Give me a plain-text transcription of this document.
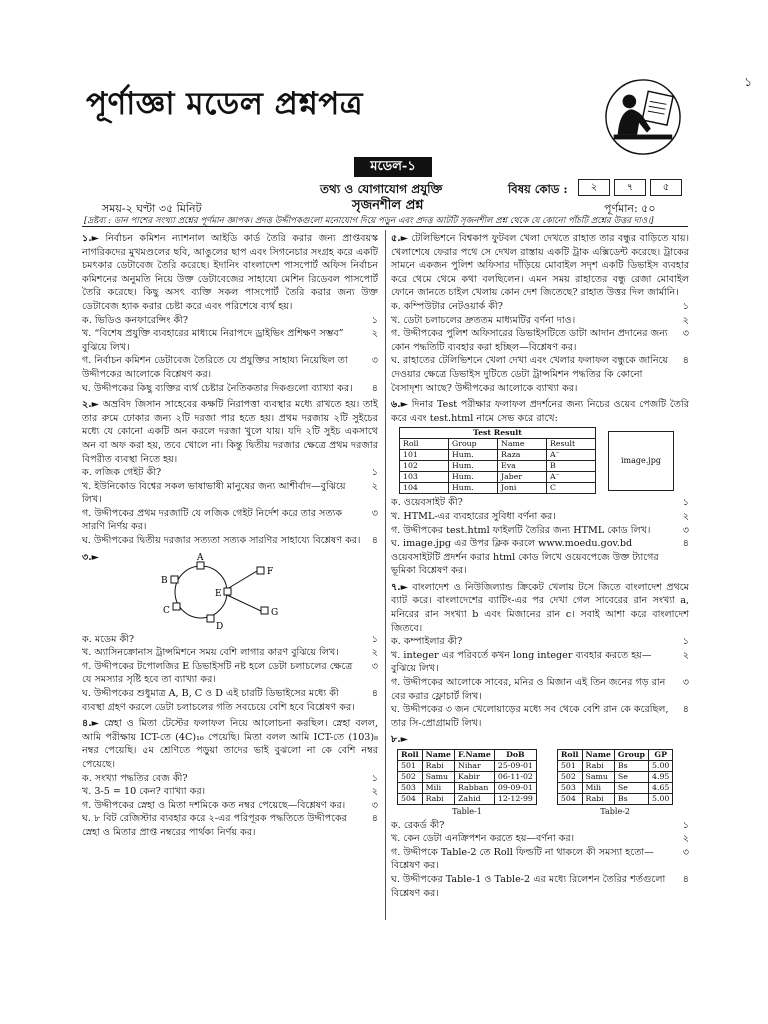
১
পূর্ণাজ্ঞা মডেল প্রশ্নপত্র
মডেল-১
তথ্য ও যোগাযোগ প্রযুক্তি	বিষয় কোড :	২	৭	৫
সময়-২ ঘণ্টা ৩৫ মিনিট	সৃজনশীল প্রশ্ন	পূর্ণমান: ৫০
[দ্রষ্টব্য : ডান পাশের সংখ্যা প্রশ্নের পূর্ণমান জ্ঞাপক। প্রদত্ত উদ্দীপকগুলো মনোযোগ দিয়ে পড়ুন এবং প্রদত্ত আটটি সৃজনশীল প্রশ্ন থেকে যে কোনো পাঁচটি প্রশ্নের উত্তর দাও।]

১.► নির্বাচন কমিশন ন্যাশনাল আইডি কার্ড তৈরি করার জন্য প্রাপ্তবয়স্ক নাগরিকদের মুখমণ্ডলের ছবি, আঙুলের ছাপ এবং সিগনেচার সংগ্রহ করে একটি চমৎকার ডেটাবেজ তৈরি করেছে। ইদানিং বাংলাদেশ পাসপোর্ট অফিস নির্বাচন কমিশনের অনুমতি নিয়ে উক্ত ডেটাবেজের সাহায্যে মেশিন রিডেবল পাসপোর্ট তৈরি করেছে। কিছু অসৎ ব্যক্তি সকল পাসপোর্ট তৈরি করার জন্য উক্ত ডেটাবেজ হ্যাক করার চেষ্টা করে এবং পরিশেষে ব্যর্থ হয়।

ক. ভিডিও কনফারেন্সিং কী?	১

খ. “বিশেষ প্রযুক্তি ব্যবহারের মাধ্যমে নিরাপদে ড্রাইভিং প্রশিক্ষণ সম্ভব” বুঝিয়ে লিখ।
২

গ. নির্বাচন কমিশন ডেটাবেজ তৈরিতে যে প্রযুক্তির সাহায্য নিয়েছিল তা উদ্দীপকের আলোকে বিশ্লেষণ কর।
৩

ঘ. উদ্দীপকের কিছু ব্যক্তির ব্যর্থ চেষ্টার নৈতিকতার দিকগুলো ব্যাখ্যা কর। ৪

২.► অভ্রবিদ জিসান সাহেবের কক্ষটি নিরাপত্তা ব্যবস্থার মধ্যে রাখতে হয়। তাই তার রুমে ঢোকার জন্য ২টি দরজা পার হতে হয়। প্রথম দরজায় ২টি সুইচের মধ্যে যে কোনো একটি অন করলে দরজা খুলে যায়। যদি ২টি সুইচ একসাথে অন বা অফ করা হয়, তবে খোলে না। কিন্তু দ্বিতীয় দরজার ক্ষেত্রে প্রথম দরজার বিপরীত ব্যবস্থা নিতে হয়।

ক. লজিক গেইট কী?	১

খ. ইউনিকোড বিশ্বের সকল ভাষাভাষী মানুষের জন্য আশীর্বাদ—বুঝিয়ে লিখ।
২

গ. উদ্দীপকের প্রথম দরজাটি যে লজিক গেইট নির্দেশ করে তার সত্যক সারণি নির্ণয় কর।
৩

ঘ. উদ্দীপকের দ্বিতীয় দরজার সত্যতা সত্যক সারণির সাহায্যে বিশ্লেষণ কর। ৪

৩. ►	A
B
C
D
E
F
G

ক. মডেম কী?	১

খ. অ্যাসিনক্রোনাস ট্রান্সমিশনে সময় বেশি লাগার কারণ বুঝিয়ে লিখ।	২

গ. উদ্দীপকের টপোলজির E ডিভাইসটি নষ্ট হলে ডেটা চলাচলের ক্ষেত্রে যে সমস্যার সৃষ্টি হবে তা ব্যাখ্যা কর।
৩

ঘ. উদ্দীপকের শুধুমাত্র A, B, C ও D এই চারটি ডিভাইসের মধ্যে কী ব্যবস্থা গ্রহণ করলে ডেটা চলাচলের গতি সবচেয়ে বেশি হবে বিশ্লেষণ কর।
৪

৪.► স্নেহা ও মিতা টেস্টের ফলাফল নিয়ে আলোচনা করছিল। স্নেহা বলল, আমি পরীক্ষায় ICT-তে (4C)₁₆ পেয়েছি। মিতা বলল আমি ICT-তে (103)₈ নম্বর পেয়েছি। ৫ম শ্রেণিতে পড়ুয়া তাদের ভাই বুঝলো না কে বেশি নম্বর পেয়েছে।

ক. সংখ্যা পদ্ধতির বেজ কী?	১

খ. 3-5 = 10 কেন? ব্যাখ্যা কর।	২

গ. উদ্দীপকের স্নেহা ও মিতা দশমিকে কত নম্বর পেয়েছে—বিশ্লেষণ কর।	৩

ঘ. ৮ বিট রেজিস্টার ব্যবহার করে ২-এর পরিপূরক পদ্ধতিতে উদ্দীপকের স্নেহা ও মিতার প্রাপ্ত নম্বরের পার্থক্য নির্ণয় কর।
৪

৫.► টেলিভিশনে বিশ্বকাপ ফুটবল খেলা দেখতে রাহাত তার বন্ধুর বাড়িতে যায়। খেলাশেষে ফেরার পথে সে দেখল রাস্তায় একটি ট্রাক এক্সিডেন্ট করেছে। ট্রাকের সামনে একজন পুলিশ অফিসার দাঁড়িয়ে মোবাইল সদৃশ একটি ডিভাইস ব্যবহার করে থেমে থেমে কথা বলছিলেন। এমন সময় রাহাতের বন্ধু রেজা মোবাইল ফোনে জানতে চাইল খেলায় কোন দেশ জিতেছে? রাহাত উত্তর দিল জার্মানি।

ক. কম্পিউটার নেটওয়ার্ক কী?	১

খ. ডেটা চলাচলের দ্রুততম মাধ্যমটির বর্ণনা দাও।	২

গ. উদ্দীপকের পুলিশ অফিসারের ডিভাইসটিতে ডাটা আদান প্রদানের জন্য কোন পদ্ধতিটি ব্যবহার করা হচ্ছিল—বিশ্লেষণ কর।
৩

ঘ. রাহাতের টেলিভিশনে খেলা দেখা এবং খেলার ফলাফল বন্ধুকে জানিয়ে দেওয়ার ক্ষেত্রে ডিভাইস দুটিতে ডেটা ট্রান্সমিশন পদ্ধতির কি কোনো বৈসাদৃশ্য আছে? উদ্দীপকের আলোকে ব্যাখ্যা কর।
৪

৬.► দিনার Test পরীক্ষার ফলাফল প্রদর্শনের জন্য নিচের ওয়েব পেজটি তৈরি করে এবং test.html নামে সেভ করে রাখে:

Test Result			
Roll	Group	Name	Result
101	Hum.	Raza	A⁻
102	Hum.	Eva	B
103	Hum.	Jaber	A⁻
104	Hum.	Joni	C
image.jpg

ক. ওয়েবসাইট কী?	১

খ. HTML-এর ব্যবহারের সুবিধা বর্ণনা কর।	২

গ. উদ্দীপকের test.html ফাইলটি তৈরির জন্য HTML কোড লিখ।	৩

ঘ. image.jpg এর উপর ক্লিক করলে www.moedu.gov.bd ওয়েবসাইটটি প্রদর্শন করার html কোড লিখে ওয়েবপেজে উক্ত ট্যাগের ভূমিকা বিশ্লেষণ কর।
৪

৭.► বাংলাদেশ ও নিউজিল্যান্ড ক্রিকেট খেলায় টসে জিতে বাংলাদেশ প্রথমে ব্যাট করে। বাংলাদেশের ব্যাটিং-এর পর দেখা গেল সাবেরের রান সংখ্যা a, মনিরের রান সংখ্যা b এবং মিজানের রান c। সবাই আশা করে বাংলাদেশ জিতবে।

ক. কম্পাইলার কী?	১

খ. integer এর পরিবর্তে কখন long integer ব্যবহার করতে হয়—বুঝিয়ে লিখ।
২

গ. উদ্দীপকের আলোকে সাবের, মনির ও মিজান এই তিন জনের গড় রান বের করার ফ্লোচার্ট লিখ।
৩

ঘ. উদ্দীপকের ৩ জন খেলোয়াড়ের মধ্যে সব থেকে বেশি রান কে করেছিল, তার সি-প্রোগ্রামটি লিখ।
৪

৮.►

Roll	Name	F.Name	DoB
501	Rabi	Nihar	25-09-01
502	Samu	Kabir	06-11-02
503	Mili	Rabban	09-09-01
504	Rabi	Zahid	12-12-99
Table-1
Roll	Name	Group	GP
501	Rabi	Bs	5.00
502	Samu	Se	4.95
503	Mili	Se	4.65
504	Rabi	Bs	5.00
Table-2

ক. রেকর্ড কী?	১

খ. কেন ডেটা এনক্রিপশন করতে হয়—বর্ণনা কর।	২

গ. উদ্দীপকে Table-2 তে Roll ফিল্ডটি না থাকলে কী সমস্যা হতো— বিশ্লেষণ কর।
৩

ঘ. উদ্দীপকের Table-1 ও Table-2 এর মধ্যে রিলেশন তৈরির শর্তগুলো বিশ্লেষণ কর।
৪
